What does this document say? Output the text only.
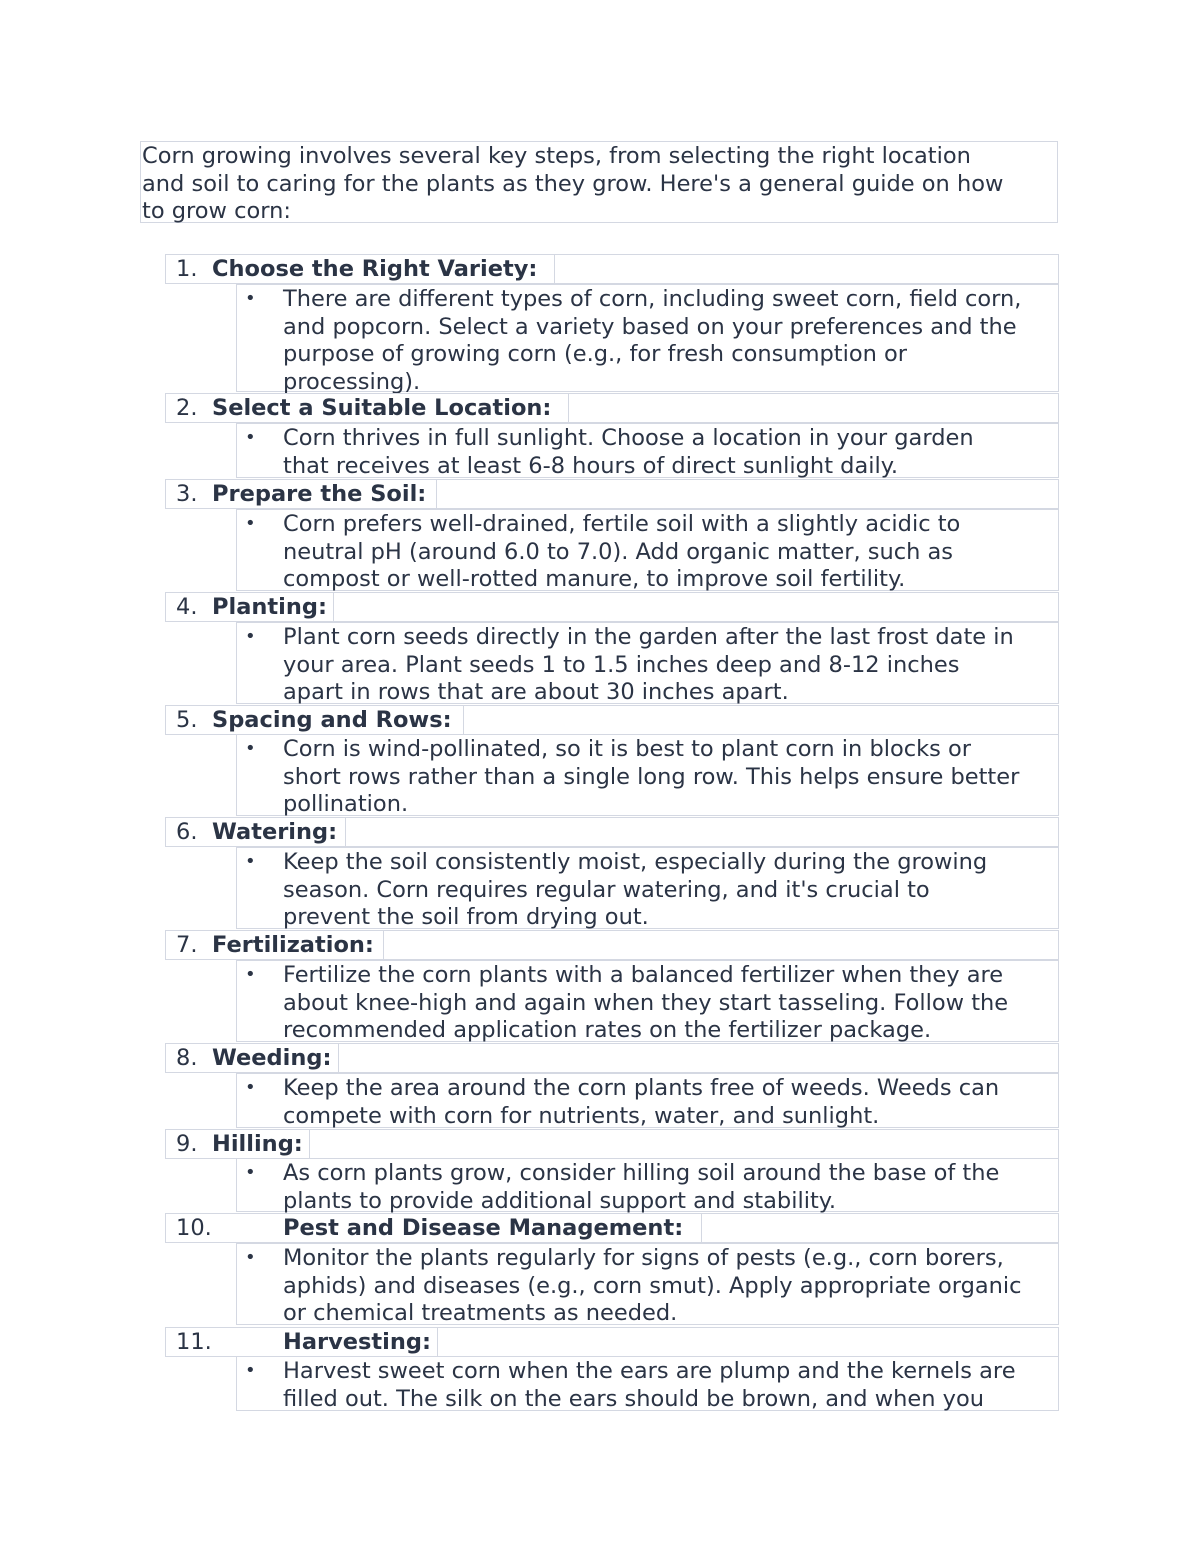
Corn growing involves several key steps, from selecting the right location
and soil to caring for the plants as they grow. Here's a general guide on how
to grow corn:
1. Choose the Right Variety:
• There are different types of corn, including sweet corn, field corn,
and popcorn. Select a variety based on your preferences and the
purpose of growing corn (e.g., for fresh consumption or
processing).
2. Select a Suitable Location:
• Corn thrives in full sunlight. Choose a location in your garden
that receives at least 6-8 hours of direct sunlight daily.
3. Prepare the Soil:
• Corn prefers well-drained, fertile soil with a slightly acidic to
neutral pH (around 6.0 to 7.0). Add organic matter, such as
compost or well-rotted manure, to improve soil fertility.
4. Planting:
• Plant corn seeds directly in the garden after the last frost date in
your area. Plant seeds 1 to 1.5 inches deep and 8-12 inches
apart in rows that are about 30 inches apart.
5. Spacing and Rows:
• Corn is wind-pollinated, so it is best to plant corn in blocks or
short rows rather than a single long row. This helps ensure better
pollination.
6. Watering:
• Keep the soil consistently moist, especially during the growing
season. Corn requires regular watering, and it's crucial to
prevent the soil from drying out.
7. Fertilization:
• Fertilize the corn plants with a balanced fertilizer when they are
about knee-high and again when they start tasseling. Follow the
recommended application rates on the fertilizer package.
8. Weeding:
• Keep the area around the corn plants free of weeds. Weeds can
compete with corn for nutrients, water, and sunlight.
9. Hilling:
• As corn plants grow, consider hilling soil around the base of the
plants to provide additional support and stability.
10.	Pest and Disease Management:
• Monitor the plants regularly for signs of pests (e.g., corn borers,
aphids) and diseases (e.g., corn smut). Apply appropriate organic
or chemical treatments as needed.
11.	Harvesting:
• Harvest sweet corn when the ears are plump and the kernels are
filled out. The silk on the ears should be brown, and when you
